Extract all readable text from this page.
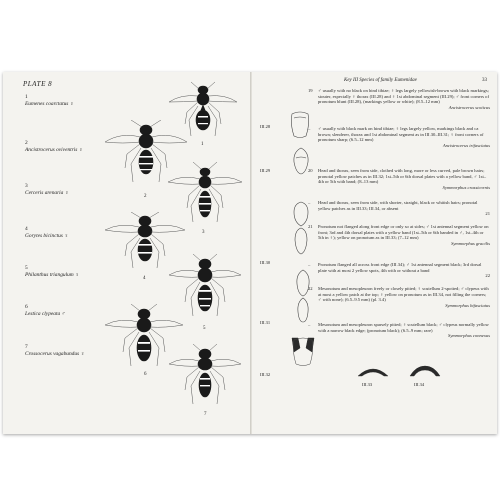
PLATE 8
1
Eumenes coarctatus ♀
2
Ancistrocerus oviventris ♀
3
Cerceris arenaria ♀
4
Gorytes bicinctus ♀
5
Philanthus triangulum ♀
6
Lestica clypeata ♂
7
Crossocerus vagabundus ♀
1
2
3
4
5
6
7
Key III Species of family Eumenidae	33
19 ♂ usually with no black on hind tibiae; ♀ legs largely yellowish-brown with black markings; stouter, especially ♀ thorax (III.28) and ♀ 1st abdominal segment (III.29); ♂ front corners of pronotum blunt (III.28), (markings yellow or white); (8.5–12 mm)
Ancistrocerus scoticus
– ♂ usually with black mark on hind tibiae; ♀ legs largely yellow, markings black and ca brown; slenderer, thorax and 1st abdominal segment as in III.30–III.31; ♀ front corners of pronotum sharp; (6.5–12 mm)
Ancistrocerus trifasciatus
20 Head and thorax, seen from side, clothed with long, more or less curved, pale brown hairs; pronotal yellow patches as in III.32; 1st–5th or 6th dorsal plates with a yellow band, ♂ 1st–4th or 5th with band; (8–13 mm)
Symmorphus crassicornis
– Head and thorax, seen from side, with shorter, straight, black or whitish hairs; pronotal yellow patches as in III.33; III.34, or absent
21
21 Pronotum not flanged along front edge or only so at sides; ♂ 1st antennal segment yellow on front; 3rd and 4th dorsal plates with a yellow band (1st–5th or 6th banded in ♂, 1st–4th or 5th in ♀); yellow on pronotum as in III.33; (7–12 mm)
Symmorphus gracilis
– Pronotum flanged all across front edge (III.34); ♂ 1st antennal segment black; 3rd dorsal plate with at most 2 yellow spots, 4th with or without a band
22
22 Mesonotum and mesopleuron freely or closely pitted; ♀ scutellum 2-spotted; ♂ clypeus with at most a yellow patch at the top; ♀ yellow on pronotum as in III.34, not filling the corners; ♂ with none); (6.5–9.5 mm) (pl. 3.4)
Symmorphus bifasciatus
– Mesonotum and mesopleuron sparsely pitted; ♀ scutellum black; ♂ clypeus normally yellow with a narrow black edge; (pronotum black); (6.5–9 mm; rare)
Symmorphus connexus
III.28
III.29
III.30
III.31
III.32
III.33	III.34
